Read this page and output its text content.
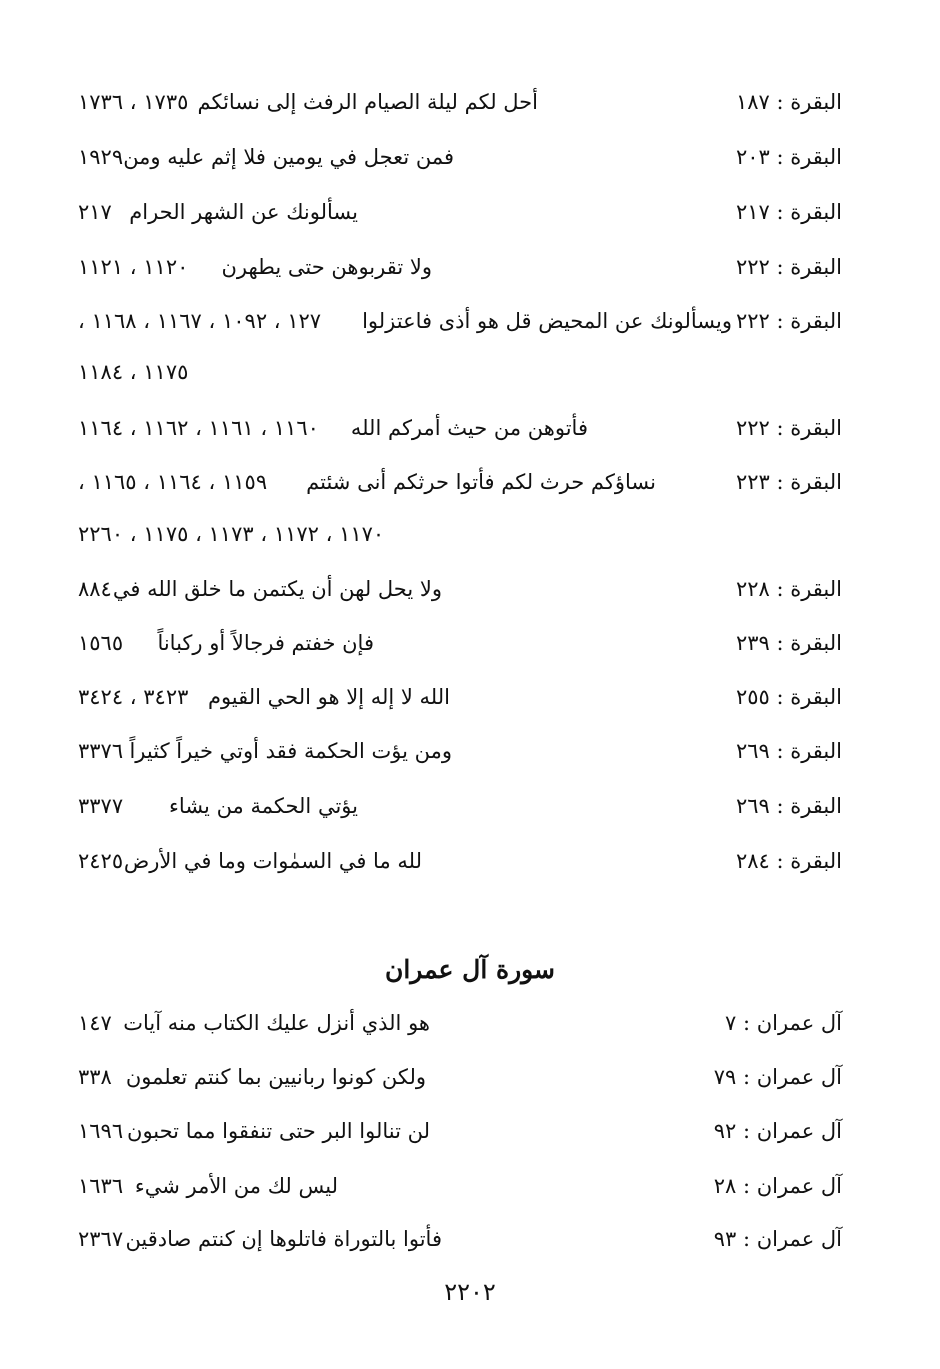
البقرة : ١٨٧
أحل لكم ليلة الصيام الرفث إلى نسائكم
١٧٣٥ ، ١٧٣٦
البقرة : ٢٠٣
فمن تعجل في يومين فلا إثم عليه ومن
١٩٢٩
البقرة : ٢١٧
يسألونك عن الشهر الحرام
٢١٧
البقرة : ٢٢٢
ولا تقربوهن حتى يطهرن
١١٢٠ ، ١١٢١
البقرة : ٢٢٢
ويسألونك عن المحيض قل هو أذى فاعتزلوا
١٢٧ ، ١٠٩٢ ، ١١٦٧ ، ١١٦٨ ،
١١٧٥ ، ١١٨٤
البقرة : ٢٢٢
فأتوهن من حيث أمركم الله
١١٦٠ ، ١١٦١ ، ١١٦٢ ، ١١٦٤
البقرة : ٢٢٣
نساؤكم حرث لكم فأتوا حرثكم أنى شئتم
١١٥٩ ، ١١٦٤ ، ١١٦٥ ،
١١٧٠ ، ١١٧٢ ، ١١٧٣ ، ١١٧٥ ، ٢٢٦٠
البقرة : ٢٢٨
ولا يحل لهن أن يكتمن ما خلق الله في
٨٨٤
البقرة : ٢٣٩
فإن خفتم فرجالاً أو ركباناً
١٥٦٥
البقرة : ٢٥٥
الله لا إله إلا هو الحي القيوم
٣٤٢٣ ، ٣٤٢٤
البقرة : ٢٦٩
ومن يؤت الحكمة فقد أوتي خيراً كثيراً
٣٣٧٦
البقرة : ٢٦٩
يؤتي الحكمة من يشاء
٣٣٧٧
البقرة : ٢٨٤
لله ما في السمٰوات وما في الأرض
٢٤٢٥
سورة آل عمران
آل عمران : ٧
هو الذي أنزل عليك الكتاب منه آيات
١٤٧
آل عمران : ٧٩
ولكن كونوا ربانيين بما كنتم تعلمون
٣٣٨
آل عمران : ٩٢
لن تنالوا البر حتى تنفقوا مما تحبون
١٦٩٦
آل عمران : ٢٨
ليس لك من الأمر شيء
١٦٣٦
آل عمران : ٩٣
فأتوا بالتوراة فاتلوها إن كنتم صادقين
٢٣٦٧
٢٢٠٢
